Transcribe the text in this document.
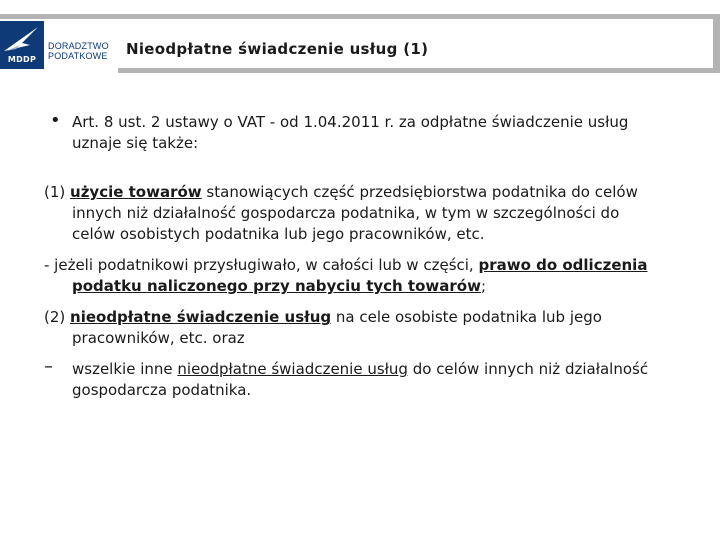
MDDP
DORADZTWO
PODATKOWE Nieodpłatne świadczenie usług (1)
• Art. 8 ust. 2 ustawy o VAT - od 1.04.2011 r. za odpłatne świadczenie usług uznaje się także:
(1) użycie towarów stanowiących część przedsiębiorstwa podatnika do celów innych niż działalność gospodarcza podatnika, w tym w szczególności do celów osobistych podatnika lub jego pracowników, etc.
- jeżeli podatnikowi przysługiwało, w całości lub w części, prawo do odliczenia podatku naliczonego przy nabyciu tych towarów;
(2) nieodpłatne świadczenie usług na cele osobiste podatnika lub jego pracowników, etc. oraz
– wszelkie inne nieodpłatne świadczenie usług do celów innych niż działalność gospodarcza podatnika.
